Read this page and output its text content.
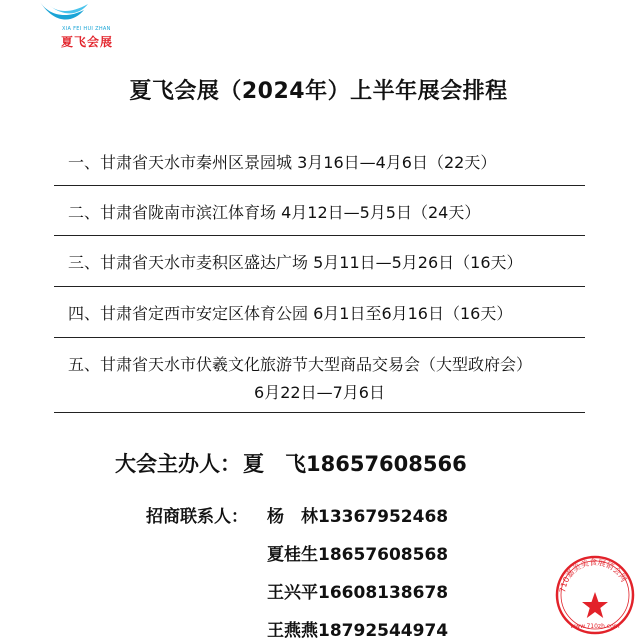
XIA FEI HUI ZHAN
夏飞会展
夏飞会展（2024年）上半年展会排程
一、甘肃省天水市秦州区景园城 3月16日—4月6日（22天）
二、甘肃省陇南市滨江体育场 4月12日—5月5日（24天）
三、甘肃省天水市麦积区盛达广场 5月11日—5月26日（16天）
四、甘肃省定西市安定区体育公园 6月1日至6月16日（16天）
五、甘肃省天水市伏羲文化旅游节大型商品交易会（大型政府会）
6月22日—7月6日
大会主办人：夏　飞18657608566
招商联系人： 杨　林13367952468
夏桂生18657608568
王兴平16608138678
王燕燕18792544974
710嘉美美食展销会网
www.710zh.com
